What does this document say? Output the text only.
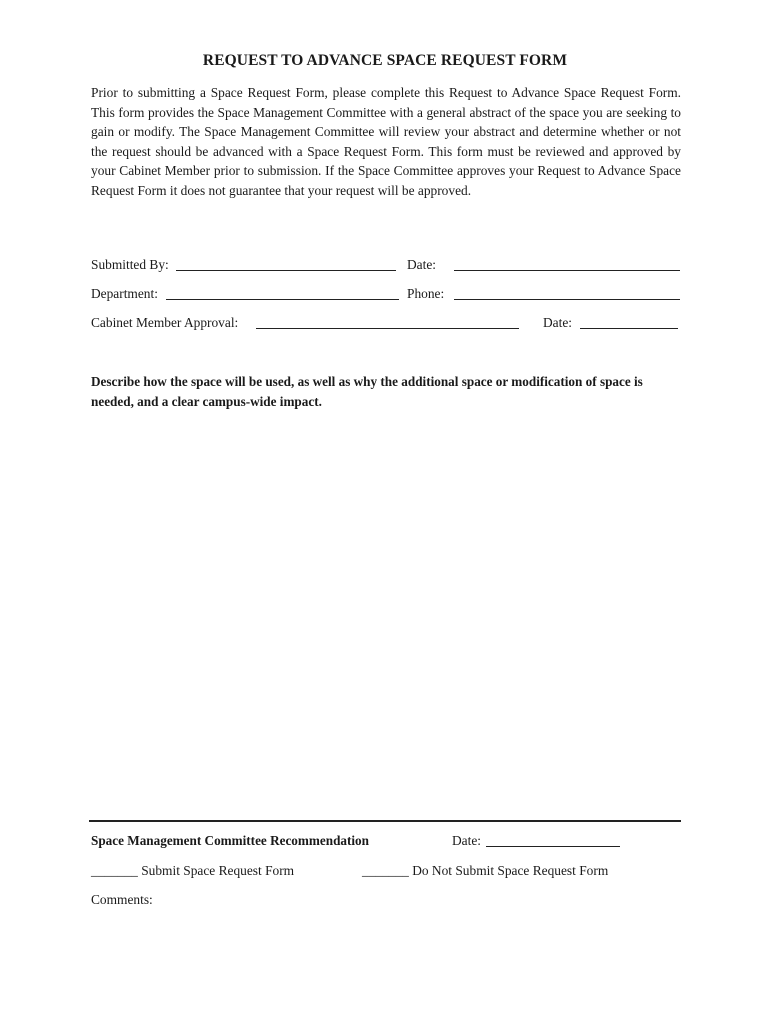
REQUEST TO ADVANCE SPACE REQUEST FORM

Prior to submitting a Space Request Form, please complete this Request to Advance Space Request Form. This form provides the Space Management Committee with a general abstract of the space you are seeking to gain or modify. The Space Management Committee will review your abstract and determine whether or not the request should be advanced with a Space Request Form. This form must be reviewed and approved by your Cabinet Member prior to submission. If the Space Committee approves your Request to Advance Space Request Form it does not guarantee that your request will be approved.

Submitted By:	Date:
Department:	Phone:
Cabinet Member Approval:	Date:

Describe how the space will be used, as well as why the additional space or modification of space is needed, and a clear campus-wide impact.

Space Management Committee Recommendation	Date:
_______ Submit Space Request Form	_______ Do Not Submit Space Request Form
Comments:
